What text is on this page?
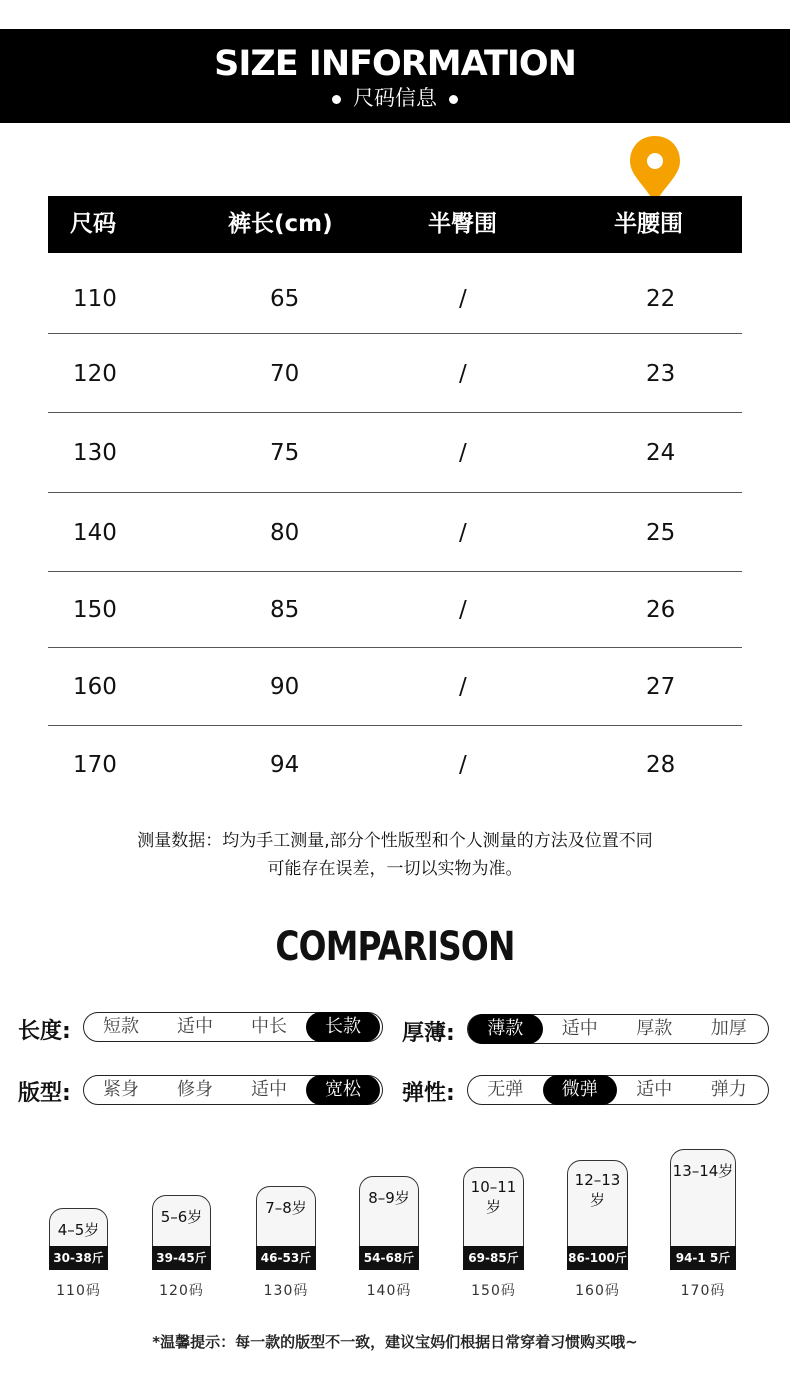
SIZE INFORMATION
尺码信息
尺码	裤长(cm)	半臀围	半腰围
110	65	/	22
120	70	/	23
130	75	/	24
140	80	/	25
150	85	/	26
160	90	/	27
170	94	/	28
测量数据：均为手工测量,部分个性版型和个人测量的方法及位置不同
可能存在误差，一切以实物为准。
COMPARISON
长度:	短款	适中	中长	长款	厚薄:	薄款	适中	厚款	加厚
版型:	紧身	修身	适中	宽松	弹性:	无弹	微弹	适中	弹力
4–5岁
30-38斤
110码
5–6岁
39-45斤
120码
7–8岁
46-53斤
130码
8–9岁
54-68斤
140码
10–11岁
69-85斤
150码
12–13岁
86-100斤
160码
13–14岁
94-1 5斤
170码
*温馨提示：每一款的版型不一致，建议宝妈们根据日常穿着习惯购买哦~
